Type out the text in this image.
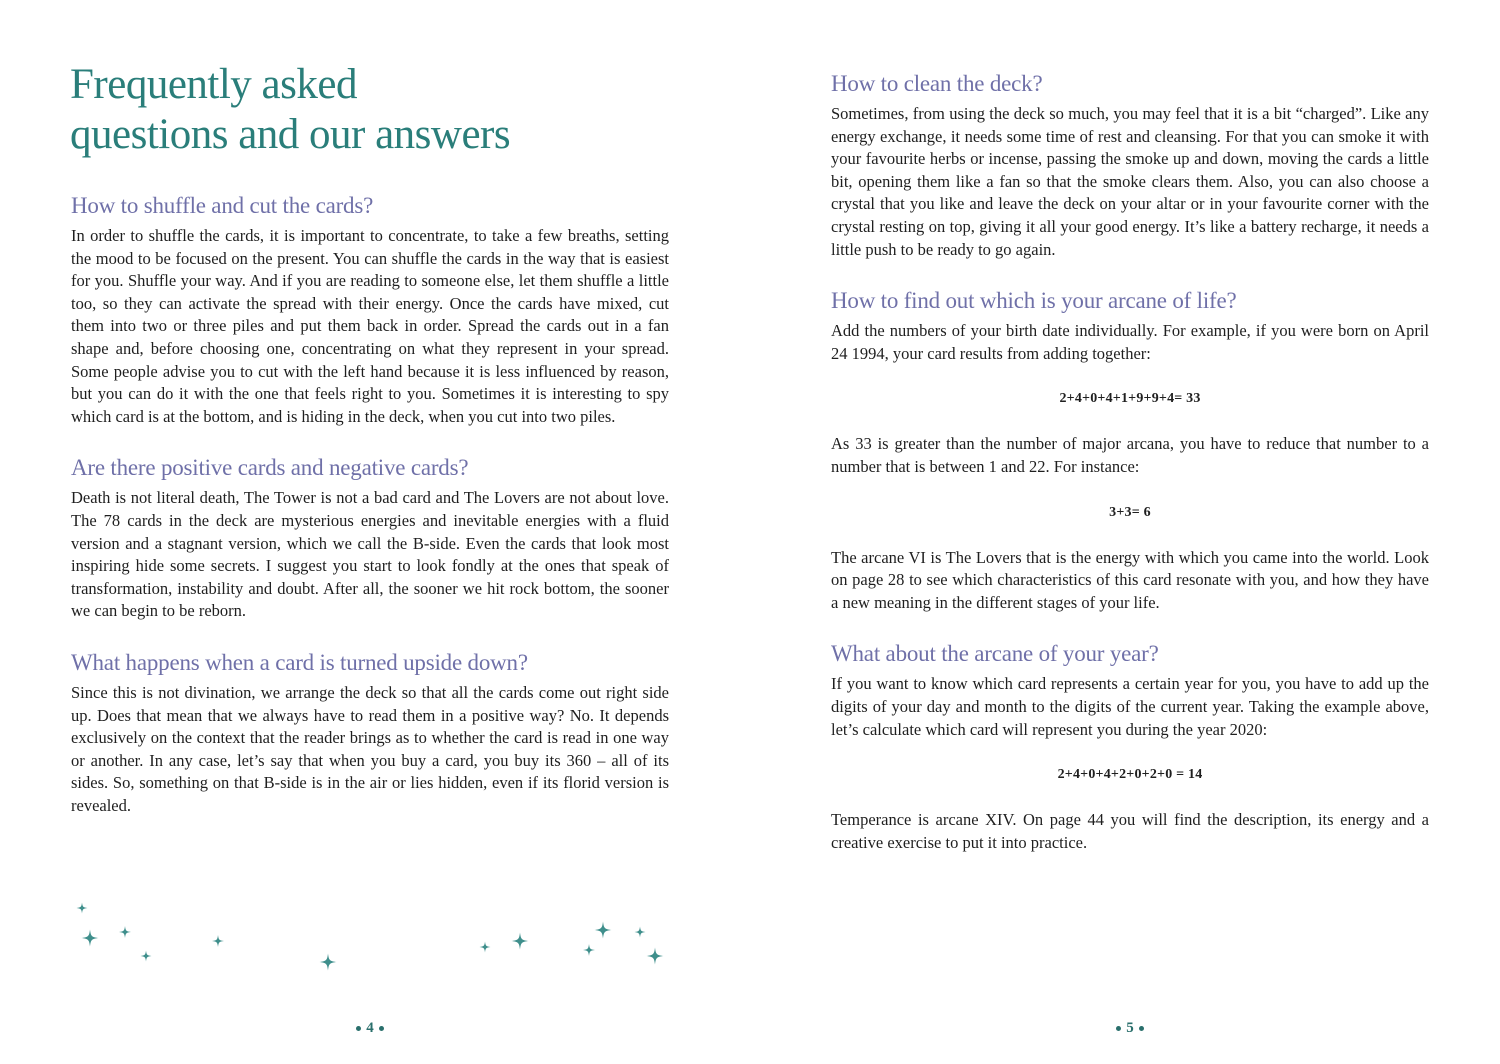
Frequently asked
questions and our answers
How to shuffle and cut the cards?

In order to shuffle the cards, it is important to concentrate, to take a few breaths, setting the mood to be focused on the present. You can shuffle the cards in the way that is easiest for you. Shuffle your way. And if you are reading to someone else, let them shuffle a little too, so they can activate the spread with their energy. Once the cards have mixed, cut them into two or three piles and put them back in order. Spread the cards out in a fan shape and, before choosing one, concentrating on what they represent in your spread. Some people advise you to cut with the left hand because it is less influenced by reason, but you can do it with the one that feels right to you. Sometimes it is interesting to spy which card is at the bottom, and is hiding in the deck, when you cut into two piles.

Are there positive cards and negative cards?

Death is not literal death, The Tower is not a bad card and The Lovers are not about love. The 78 cards in the deck are mysterious energies and inevitable energies with a fluid version and a stagnant version, which we call the B-side. Even the cards that look most inspiring hide some secrets. I suggest you start to look fondly at the ones that speak of transformation, instability and doubt. After all, the sooner we hit rock bottom, the sooner we can begin to be reborn.

What happens when a card is turned upside down?

Since this is not divination, we arrange the deck so that all the cards come out right side up. Does that mean that we always have to read them in a positive way? No. It depends exclusively on the context that the reader brings as to whether the card is read in one way or another. In any case, let’s say that when you buy a card, you buy its 360 – all of its sides. So, something on that B-side is in the air or lies hidden, even if its florid version is revealed.

4
How to clean the deck?

Sometimes, from using the deck so much, you may feel that it is a bit “charged”. Like any energy exchange, it needs some time of rest and cleansing. For that you can smoke it with your favourite herbs or incense, passing the smoke up and down, moving the cards a little bit, opening them like a fan so that the smoke clears them. Also, you can also choose a crystal that you like and leave the deck on your altar or in your favourite corner with the crystal resting on top, giving it all your good energy. It’s like a battery recharge, it needs a little push to be ready to go again.

How to find out which is your arcane of life?

Add the numbers of your birth date individually. For example, if you were born on April 24 1994, your card results from adding together:

2+4+0+4+1+9+9+4= 33

As 33 is greater than the number of major arcana, you have to reduce that number to a number that is between 1 and 22. For instance:

3+3= 6

The arcane VI is The Lovers that is the energy with which you came into the world. Look on page 28 to see which characteristics of this card resonate with you, and how they have a new meaning in the different stages of your life.

What about the arcane of your year?

If you want to know which card represents a certain year for you, you have to add up the digits of your day and month to the digits of the current year. Taking the example above, let’s calculate which card will represent you during the year 2020:

2+4+0+4+2+0+2+0 = 14

Temperance is arcane XIV. On page 44 you will find the description, its energy and a creative exercise to put it into practice.

5
